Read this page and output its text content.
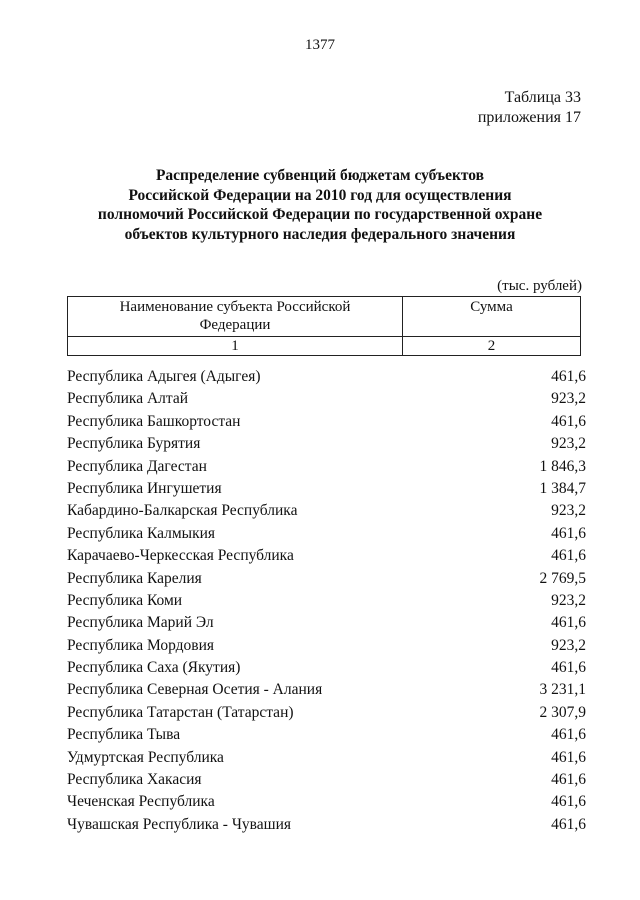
1377
Таблица 33
приложения 17
Распределение субвенций бюджетам субъектов
Российской Федерации на 2010 год для осуществления
полномочий Российской Федерации по государственной охране
объектов культурного наследия федерального значения
(тыс. рублей)
Наименование субъекта Российской
Федерации	Сумма
1	2
Республика Адыгея (Адыгея)	461,6
Республика Алтай	923,2
Республика Башкортостан	461,6
Республика Бурятия	923,2
Республика Дагестан	1 846,3
Республика Ингушетия	1 384,7
Кабардино-Балкарская Республика	923,2
Республика Калмыкия	461,6
Карачаево-Черкесская Республика	461,6
Республика Карелия	2 769,5
Республика Коми	923,2
Республика Марий Эл	461,6
Республика Мордовия	923,2
Республика Саха (Якутия)	461,6
Республика Северная Осетия - Алания	3 231,1
Республика Татарстан (Татарстан)	2 307,9
Республика Тыва	461,6
Удмуртская Республика	461,6
Республика Хакасия	461,6
Чеченская Республика	461,6
Чувашская Республика - Чувашия	461,6
